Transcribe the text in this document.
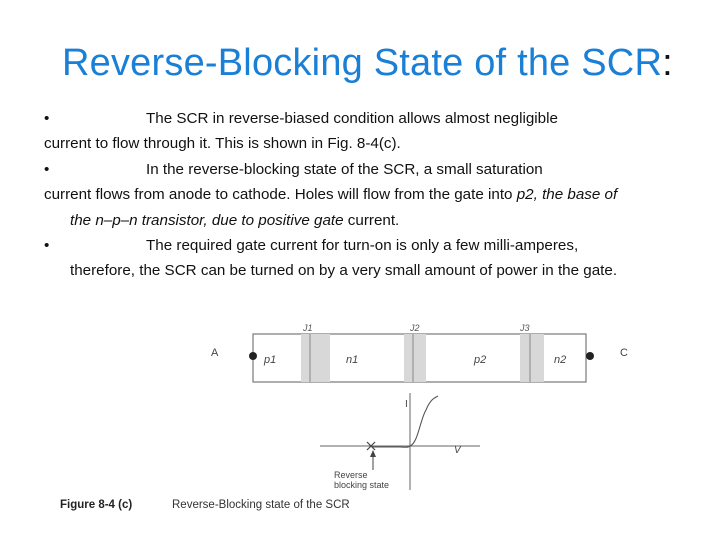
Reverse-Blocking State of the SCR:
•	The SCR in reverse-biased condition allows almost negligible
current to flow through it. This is shown in Fig. 8-4(c).
•	In the reverse-blocking state of the SCR, a small saturation
current flows from anode to cathode. Holes will flow from the gate into p2, the base of
the n–p–n transistor, due to positive gate current.
•	The required gate current for turn-on is only a few milli-amperes,
therefore, the SCR can be turned on by a very small amount of power in the gate.
J1	J2	J3
p1	n1	p2	n2
A	C
I
V
Reverse
blocking state
Figure 8-4 (c)	Reverse-Blocking state of the SCR
